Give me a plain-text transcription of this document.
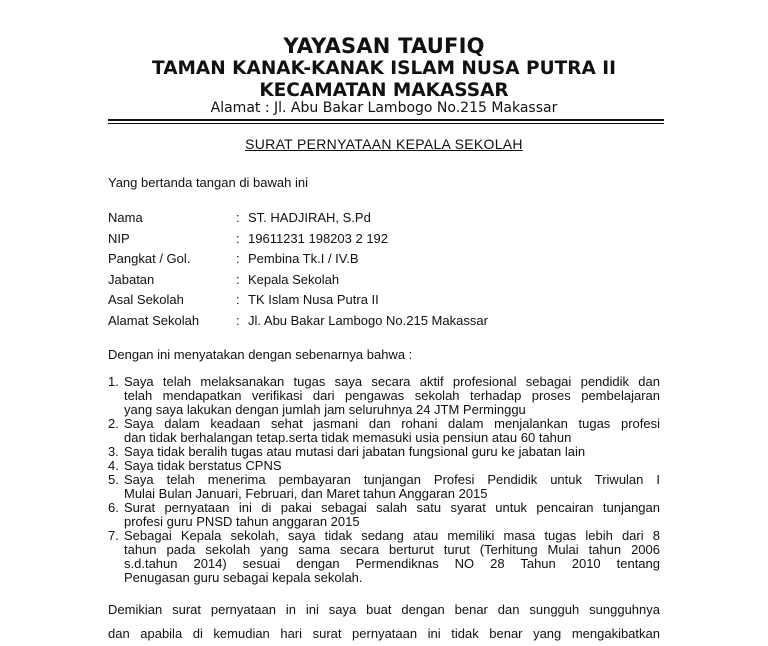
YAYASAN TAUFIQ
TAMAN KANAK-KANAK ISLAM NUSA PUTRA II
KECAMATAN MAKASSAR
Alamat : Jl. Abu Bakar Lambogo No.215 Makassar
SURAT PERNYATAAN KEPALA SEKOLAH
Yang bertanda tangan di bawah ini
Nama	: ST. HADJIRAH, S.Pd
NIP	: 19611231 198203 2 192
Pangkat / Gol.	: Pembina Tk.I / IV.B
Jabatan	: Kepala Sekolah
Asal Sekolah	: TK Islam Nusa Putra II
Alamat Sekolah	: Jl. Abu Bakar Lambogo No.215 Makassar
Dengan ini menyatakan dengan sebenarnya bahwa :
1. Saya telah melaksanakan tugas saya secara aktif profesional sebagai pendidik dan
telah mendapatkan verifikasi dari pengawas sekolah terhadap proses pembelajaran
yang saya lakukan dengan jumlah jam seluruhnya 24 JTM Perminggu
2. Saya dalam keadaan sehat jasmani dan rohani dalam menjalankan tugas profesi
dan tidak berhalangan tetap.serta tidak memasuki usia pensiun atau 60 tahun
3. Saya tidak beralih tugas atau mutasi dari jabatan fungsional guru ke jabatan lain
4. Saya tidak berstatus CPNS
5. Saya telah menerima pembayaran tunjangan Profesi Pendidik untuk Triwulan I
Mulai Bulan Januari, Februari, dan Maret tahun Anggaran 2015
6. Surat pernyataan ini di pakai sebagai salah satu syarat untuk pencairan tunjangan
profesi guru PNSD tahun anggaran 2015
7. Sebagai Kepala sekolah, saya tidak sedang atau memiliki masa tugas lebih dari 8
tahun pada sekolah yang sama secara berturut turut (Terhitung Mulai tahun 2006
s.d.tahun 2014) sesuai dengan Permendiknas NO 28 Tahun 2010 tentang
Penugasan guru sebagai kepala sekolah.
Demikian surat pernyataan in ini saya buat dengan benar dan sungguh sungguhnya
dan apabila di kemudian hari surat pernyataan ini tidak benar yang mengakibatkan
